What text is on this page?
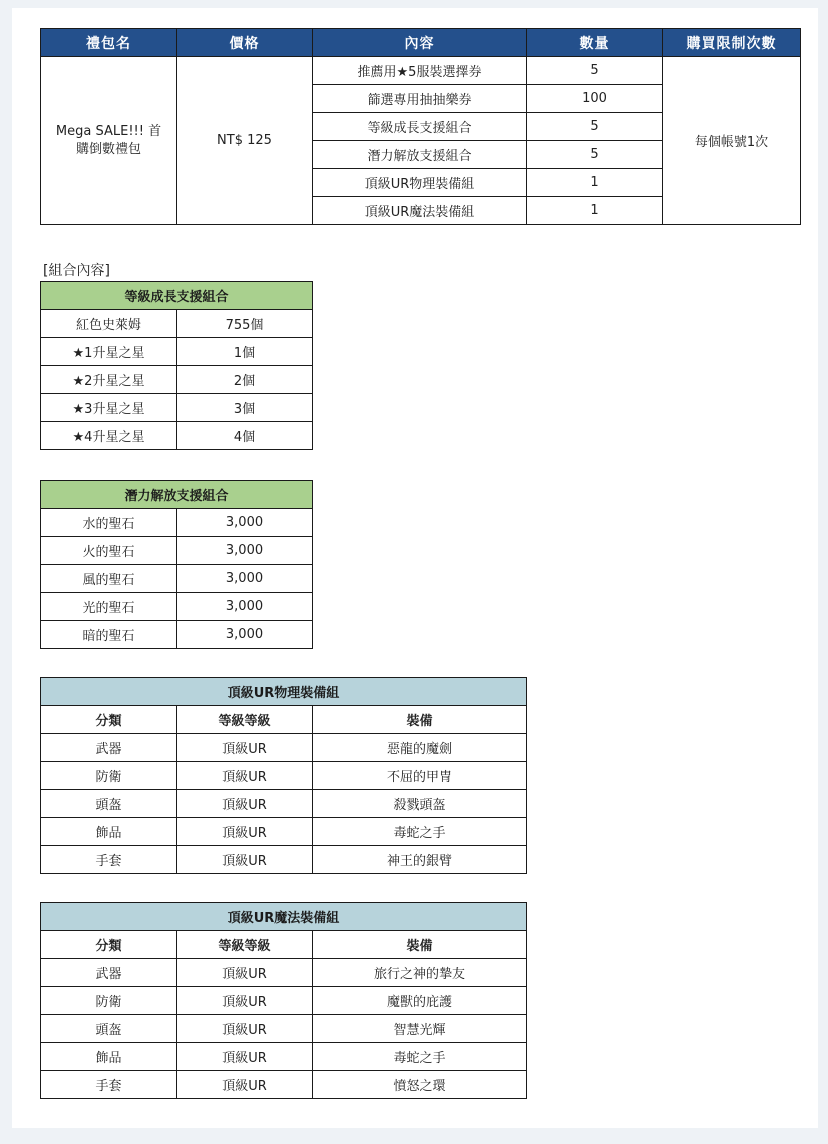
禮包名	價格	內容	數量	購買限制次數
Mega SALE!!! 首購倒數禮包	NT$ 125	推薦用★5服裝選擇券	5	每個帳號1次
		篩選專用抽抽樂券	100	
		等級成長支援組合	5	
		潛力解放支援組合	5	
		頂級UR物理裝備組	1	
		頂級UR魔法裝備組	1	
[組合內容]
等級成長支援組合	
紅色史萊姆	755個
★1升星之星	1個
★2升星之星	2個
★3升星之星	3個
★4升星之星	4個
潛力解放支援組合	
水的聖石	3,000
火的聖石	3,000
風的聖石	3,000
光的聖石	3,000
暗的聖石	3,000
頂級UR物理裝備組		
分類	等級等級	裝備
武器	頂級UR	惡龍的魔劍
防衛	頂級UR	不屈的甲冑
頭盔	頂級UR	殺戮頭盔
飾品	頂級UR	毒蛇之手
手套	頂級UR	神王的銀臂
頂級UR魔法裝備組		
分類	等級等級	裝備
武器	頂級UR	旅行之神的摯友
防衛	頂級UR	魔獸的庇護
頭盔	頂級UR	智慧光輝
飾品	頂級UR	毒蛇之手
手套	頂級UR	憤怒之環
